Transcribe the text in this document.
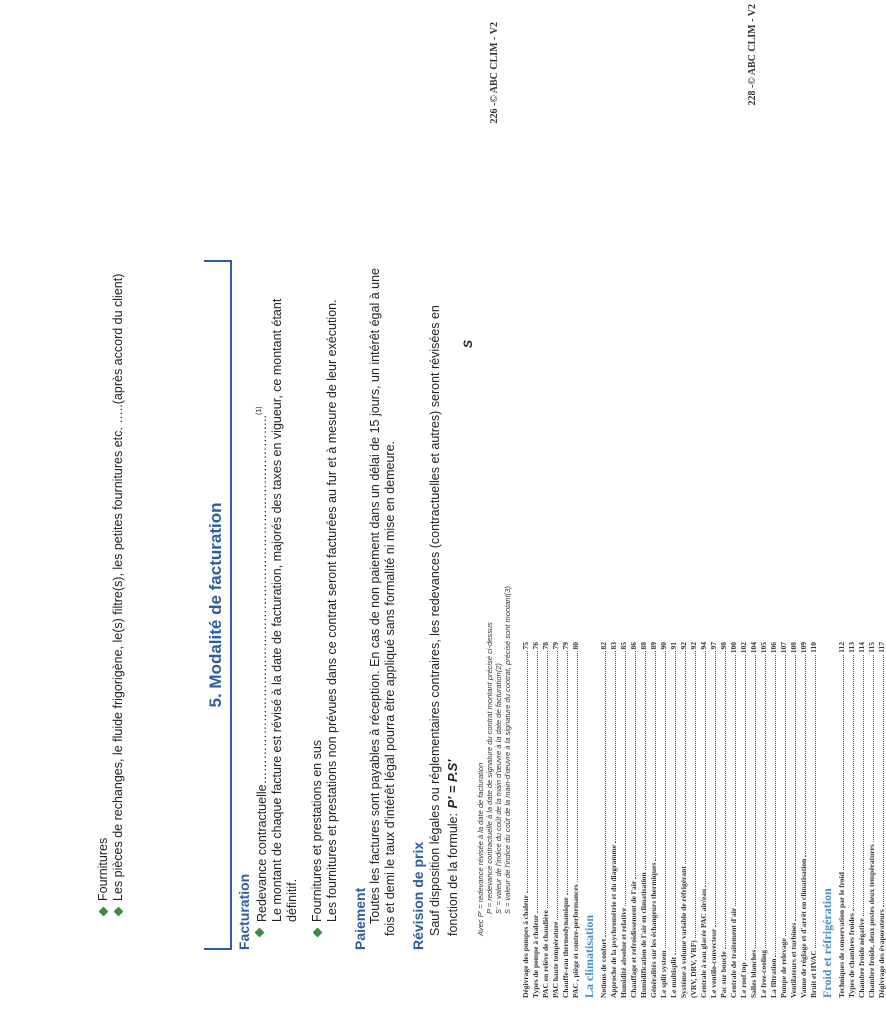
Fournitures Les pièces de rechanges, le fluide frigorigène, le(s) filtre(s), les petites fournitures etc. …..(après accord du client)	5. Modalité de facturation
Facturation Redevance contractuelle……………………………………………………………………………..$^{(1)}$ Le montant de chaque facture est révisé à la date de facturation, majorés des taxes en vigueur, ce montant étant définitif. Fournitures et prestations en sus
Les fournitures et prestations non prévues dans ce contrat seront facturées au fur et à mesure de leur exécution. Paiement Toutes les factures sont payables à réception. En cas de non paiement dans un délai de 15 jours, un intérêt égal à une fois et demi le taux d'intérêt légal pourra être appliqué sans formalité ni mise en demeure. Révision de prix Sauf disposition légales ou réglementaires contraires, les redevances (contractuelles et autres) seront révisées en fonction de la formule: P' = P.S'
S
Avec P' = redevance révisée à la date de facturation P = redevance contractuelle à la date de signature du contrat montant précisé ci-dessus S' = valeur de l'indice du coût de la main d'œuvre à la date de facturation(2) S = valeur de l'indice du coût de la main-d'œuvre à la signature du contrat, précisé sont montant(3)
226 -© ABC CLIM - V2
Dégivrage des pompes à chaleur
75
Types de pompe à chaleur
76
PAC en relève de chaudière
78
PAC haute température
79
Chauffe-eau thermodynamique
79
PAC , piège et contre-performances
80
La climatisation Notions de confort
82
Approche de la psychrométrie et du diagramme
83
Humidité absolue et relative
85
Chauffage et refroidissement de l'air
86
Humidification de l'air en climatisation
88
Généralités sur les échangeurs thermiques
89
Le split system
90
Le multisplit
91
Système à volume variable de réfrigérant
92
(VRV, DRV, VRF)
92
Centrale à eau glacée PAC air/eau
94
Le ventilo-convecteur
97
Pac sur boucle
98
Centrale de traitement d'air
100
Le roof top
102
Salles blanches
104
Le free-cooling
105
La filtration
106
Pompe de relevage
107
Ventilateurs et turbines
108
Vanne de réglage et d'arrêt en climatisation
109
Bruit et HVAC
110
Froid et réfrigération Techniques de conservation par le froid
112
Types de chambres froides
113
Chambre froide négative
114
Chambre froide, deux postes deux températures
115
Dégivrage des évaporateurs
117
228 -© ABC CLIM - V2
